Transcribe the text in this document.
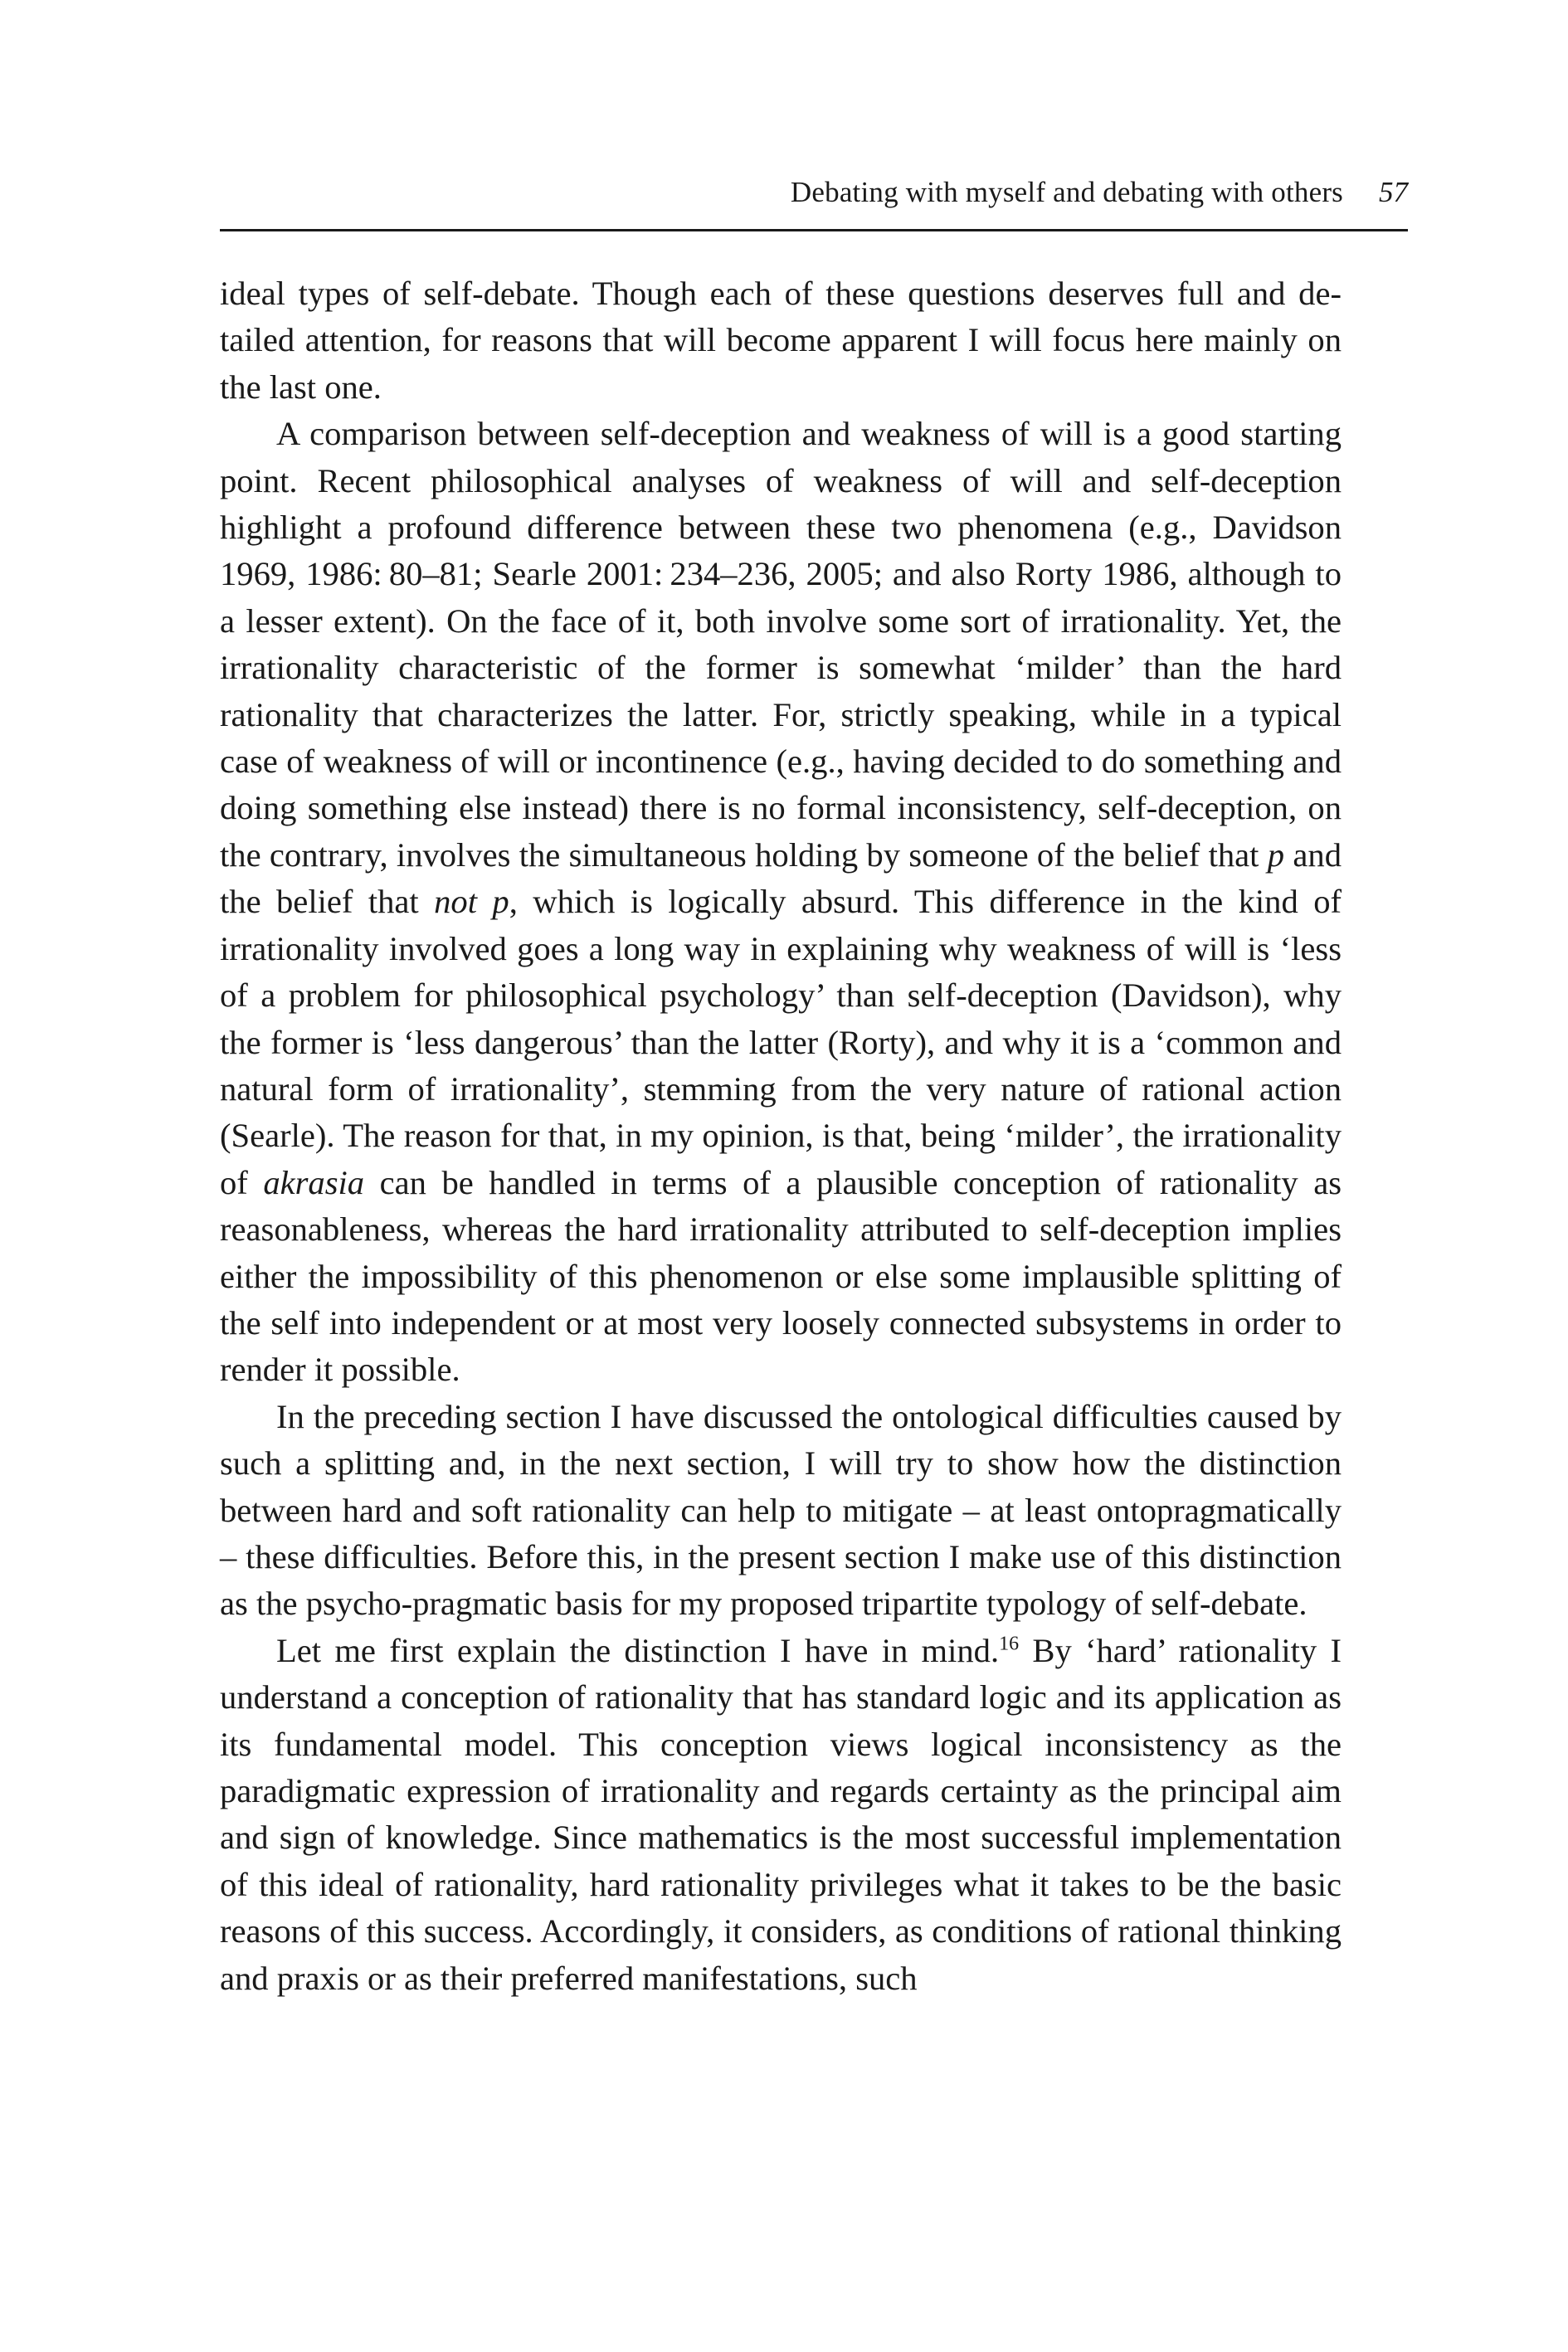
Debating with myself and debating with others 57

ideal types of self-debate. Though each of these questions deserves full and detailed attention, for reasons that will become apparent I will focus here mainly on the last one.

A comparison between self-deception and weakness of will is a good starting point. Recent philosophical analyses of weakness of will and self-deception highlight a profound difference between these two phenomena (e.g., Davidson 1969, 1986: 80–81; Searle 2001: 234–236, 2005; and also Rorty 1986, although to a lesser extent). On the face of it, both involve some sort of irrationality. Yet, the irrationality characteristic of the former is somewhat ‘milder’ than the hard rationality that characterizes the latter. For, strictly speaking, while in a typical case of weakness of will or incontinence (e.g., having decided to do something and doing something else instead) there is no formal inconsistency, self-deception, on the contrary, involves the simultaneous holding by someone of the belief that p and the belief that not p, which is logically absurd. This difference in the kind of irrationality involved goes a long way in explaining why weakness of will is ‘less of a problem for philosophical psychology’ than self-deception (Davidson), why the former is ‘less dangerous’ than the latter (Rorty), and why it is a ‘common and natural form of irrationality’, stemming from the very nature of rational action (Searle). The reason for that, in my opinion, is that, being ‘milder’, the irrationality of akrasia can be handled in terms of a plausible conception of rationality as reasonableness, whereas the hard irrationality attributed to self-deception implies either the impossibility of this phenomenon or else some implausible splitting of the self into independent or at most very loosely connected subsystems in order to render it possible.

In the preceding section I have discussed the ontological difficulties caused by such a splitting and, in the next section, I will try to show how the distinction between hard and soft rationality can help to mitigate – at least ontopragmatically – these difficulties. Before this, in the present section I make use of this distinction as the psycho-pragmatic basis for my proposed tripartite typology of self-debate.

Let me first explain the distinction I have in mind.$^{16}$ By ‘hard’ rationality I understand a conception of rationality that has standard logic and its application as its fundamental model. This conception views logical inconsistency as the paradigmatic expression of irrationality and regards certainty as the principal aim and sign of knowledge. Since mathematics is the most successful implementation of this ideal of rationality, hard rationality privileges what it takes to be the basic reasons of this success. Accordingly, it considers, as conditions of rational thinking and praxis or as their preferred manifestations, such
